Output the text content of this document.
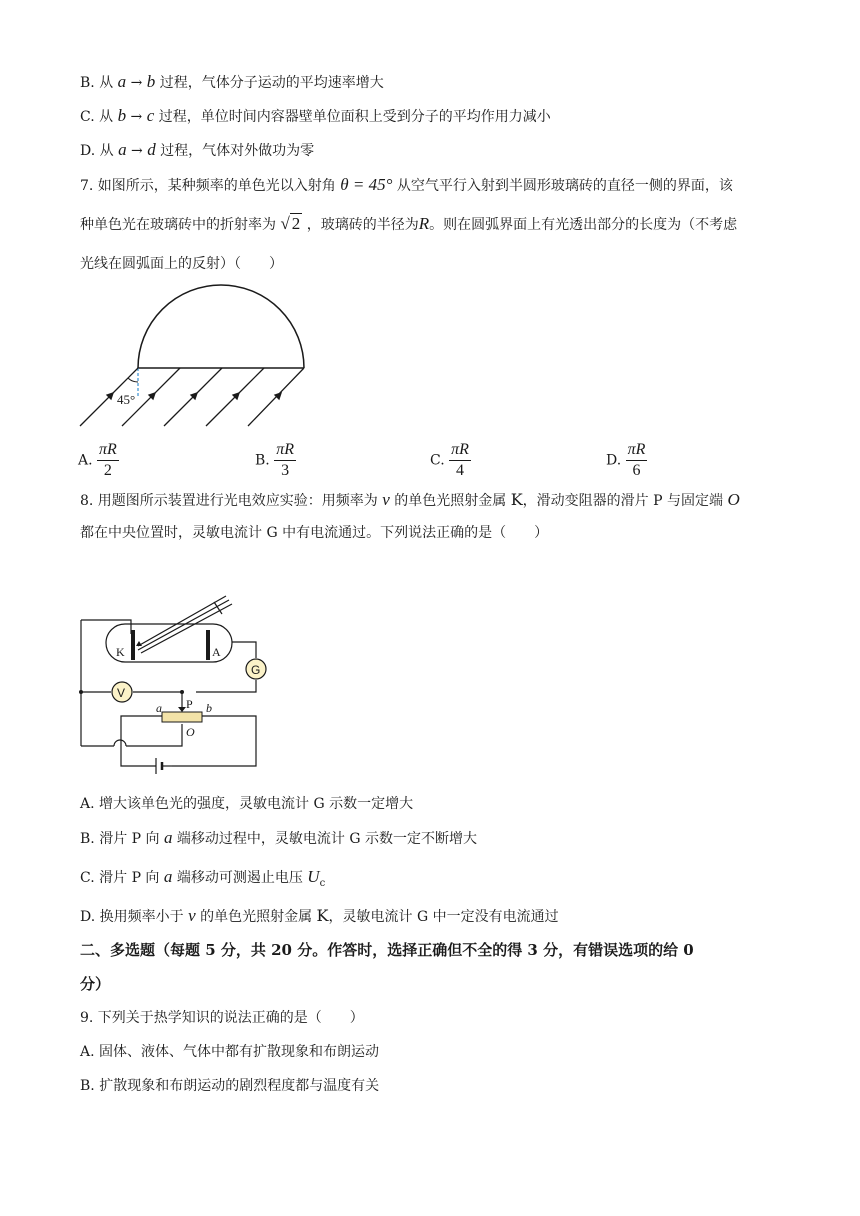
B. 从 a → b 过程，气体分子运动的平均速率增大
C. 从 b → c 过程，单位时间内容器壁单位面积上受到分子的平均作用力减小
D. 从 a → d 过程，气体对外做功为零
7. 如图所示，某种频率的单色光以入射角 θ = 45° 从空气平行入射到半圆形玻璃砖的直径一侧的界面，该
种单色光在玻璃砖中的折射率为 √ 2 ，玻璃砖的半径为R。则在圆弧界面上有光透出部分的长度为（不考虑
光线在圆弧面上的反射）（　　）
45°
A. $\frac{\pi R}{2}$	B. $\frac{\pi R}{3}$	C. $\frac{\pi R}{4}$	D. $\frac{\pi R}{6}$
8. 用题图所示装置进行光电效应实验：用频率为 ν 的单色光照射金属 K，滑动变阻器的滑片 P 与固定端 O
都在中央位置时，灵敏电流计 G 中有电流通过。下列说法正确的是（　　）
G
V
K	A
P
a	b
O
A. 增大该单色光的强度，灵敏电流计 G 示数一定增大
B. 滑片 P 向 a 端移动过程中，灵敏电流计 G 示数一定不断增大
C. 滑片 P 向 a 端移动可测遏止电压 $U_c$
D. 换用频率小于 ν 的单色光照射金属 K，灵敏电流计 G 中一定没有电流通过
二、多选题（每题 5 分，共 20 分。作答时，选择正确但不全的得 3 分，有错误选项的给 0
分）
9. 下列关于热学知识的说法正确的是（　　）
A. 固体、液体、气体中都有扩散现象和布朗运动
B. 扩散现象和布朗运动的剧烈程度都与温度有关
